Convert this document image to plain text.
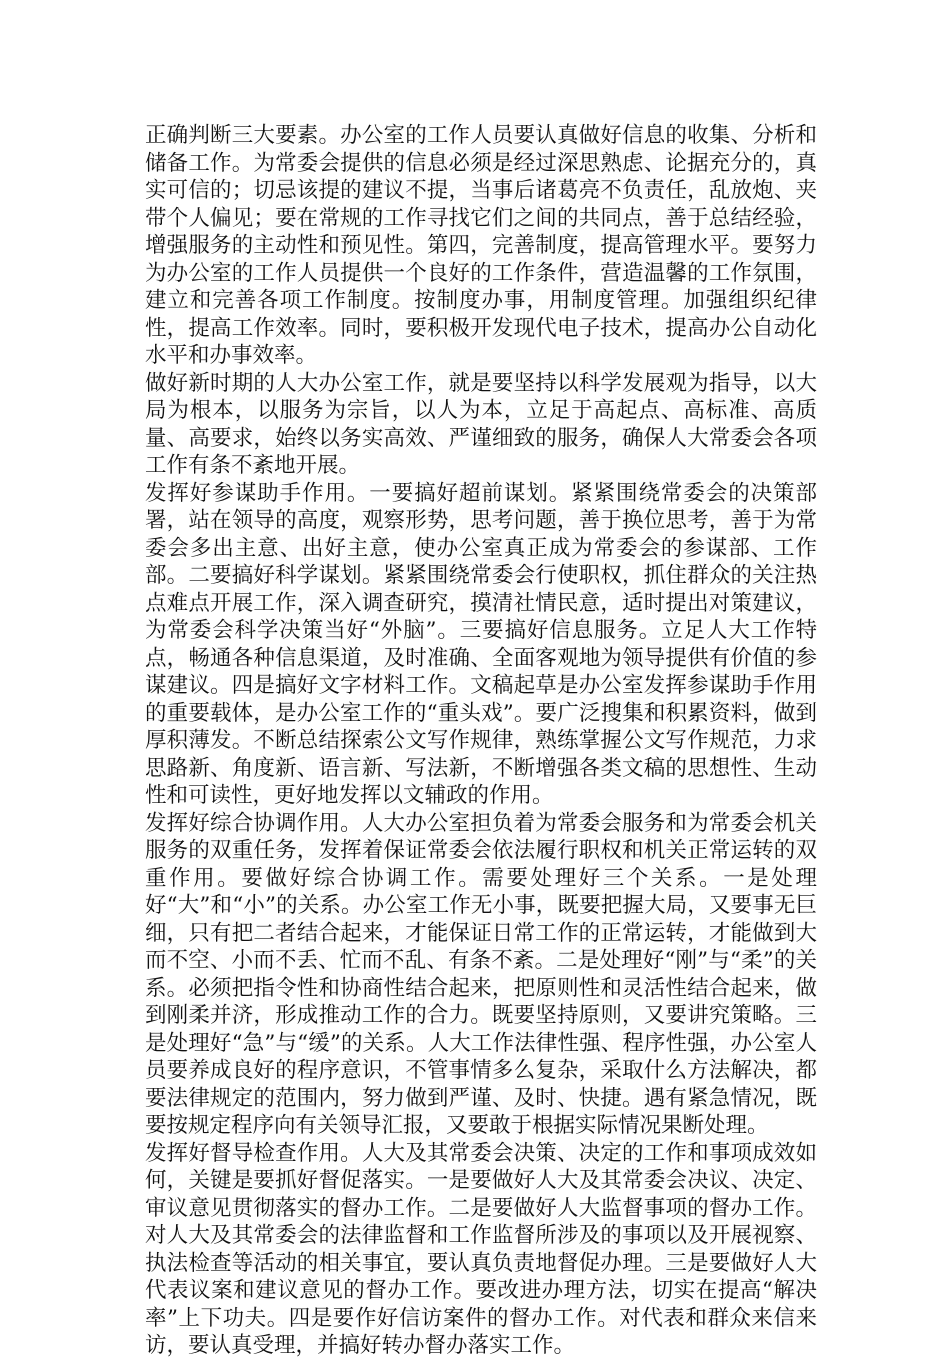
正确判断三大要素。办公室的工作人员要认真做好信息的收集、分析和储备工作。为常委会提供的信息必须是经过深思熟虑、论据充分的，真实可信的；切忌该提的建议不提，当事后诸葛亮不负责任，乱放炮、夹带个人偏见；要在常规的工作寻找它们之间的共同点，善于总结经验，增强服务的主动性和预见性。第四，完善制度，提高管理水平。要努力为办公室的工作人员提供一个良好的工作条件，营造温馨的工作氛围，建立和完善各项工作制度。按制度办事，用制度管理。加强组织纪律性，提高工作效率。同时，要积极开发现代电子技术，提高办公自动化水平和办事效率。

做好新时期的人大办公室工作，就是要坚持以科学发展观为指导，以大局为根本，以服务为宗旨，以人为本，立足于高起点、高标准、高质量、高要求，始终以务实高效、严谨细致的服务，确保人大常委会各项工作有条不紊地开展。

发挥好参谋助手作用。一要搞好超前谋划。紧紧围绕常委会的决策部署，站在领导的高度，观察形势，思考问题，善于换位思考，善于为常委会多出主意、出好主意，使办公室真正成为常委会的参谋部、工作部。二要搞好科学谋划。紧紧围绕常委会行使职权，抓住群众的关注热点难点开展工作，深入调查研究，摸清社情民意，适时提出对策建议，为常委会科学决策当好“外脑”。三要搞好信息服务。立足人大工作特点，畅通各种信息渠道，及时准确、全面客观地为领导提供有价值的参谋建议。四是搞好文字材料工作。文稿起草是办公室发挥参谋助手作用的重要载体，是办公室工作的“重头戏”。要广泛搜集和积累资料，做到厚积薄发。不断总结探索公文写作规律，熟练掌握公文写作规范，力求思路新、角度新、语言新、写法新，不断增强各类文稿的思想性、生动性和可读性，更好地发挥以文辅政的作用。

发挥好综合协调作用。人大办公室担负着为常委会服务和为常委会机关服务的双重任务，发挥着保证常委会依法履行职权和机关正常运转的双重作用。要做好综合协调工作。需要处理好三个关系。一是处理好“大”和“小”的关系。办公室工作无小事，既要把握大局，又要事无巨细，只有把二者结合起来，才能保证日常工作的正常运转，才能做到大而不空、小而不丢、忙而不乱、有条不紊。二是处理好“刚”与“柔”的关系。必须把指令性和协商性结合起来，把原则性和灵活性结合起来，做到刚柔并济，形成推动工作的合力。既要坚持原则，又要讲究策略。三是处理好“急”与“缓”的关系。人大工作法律性强、程序性强，办公室人员要养成良好的程序意识，不管事情多么复杂，采取什么方法解决，都要法律规定的范围内，努力做到严谨、及时、快捷。遇有紧急情况，既要按规定程序向有关领导汇报，又要敢于根据实际情况果断处理。

发挥好督导检查作用。人大及其常委会决策、决定的工作和事项成效如何，关键是要抓好督促落实。一是要做好人大及其常委会决议、决定、审议意见贯彻落实的督办工作。二是要做好人大监督事项的督办工作。对人大及其常委会的法律监督和工作监督所涉及的事项以及开展视察、执法检查等活动的相关事宜，要认真负责地督促办理。三是要做好人大代表议案和建议意见的督办工作。要改进办理方法，切实在提高“解决率”上下功夫。四是要作好信访案件的督办工作。对代表和群众来信来访，要认真受理，并搞好转办督办落实工作。
